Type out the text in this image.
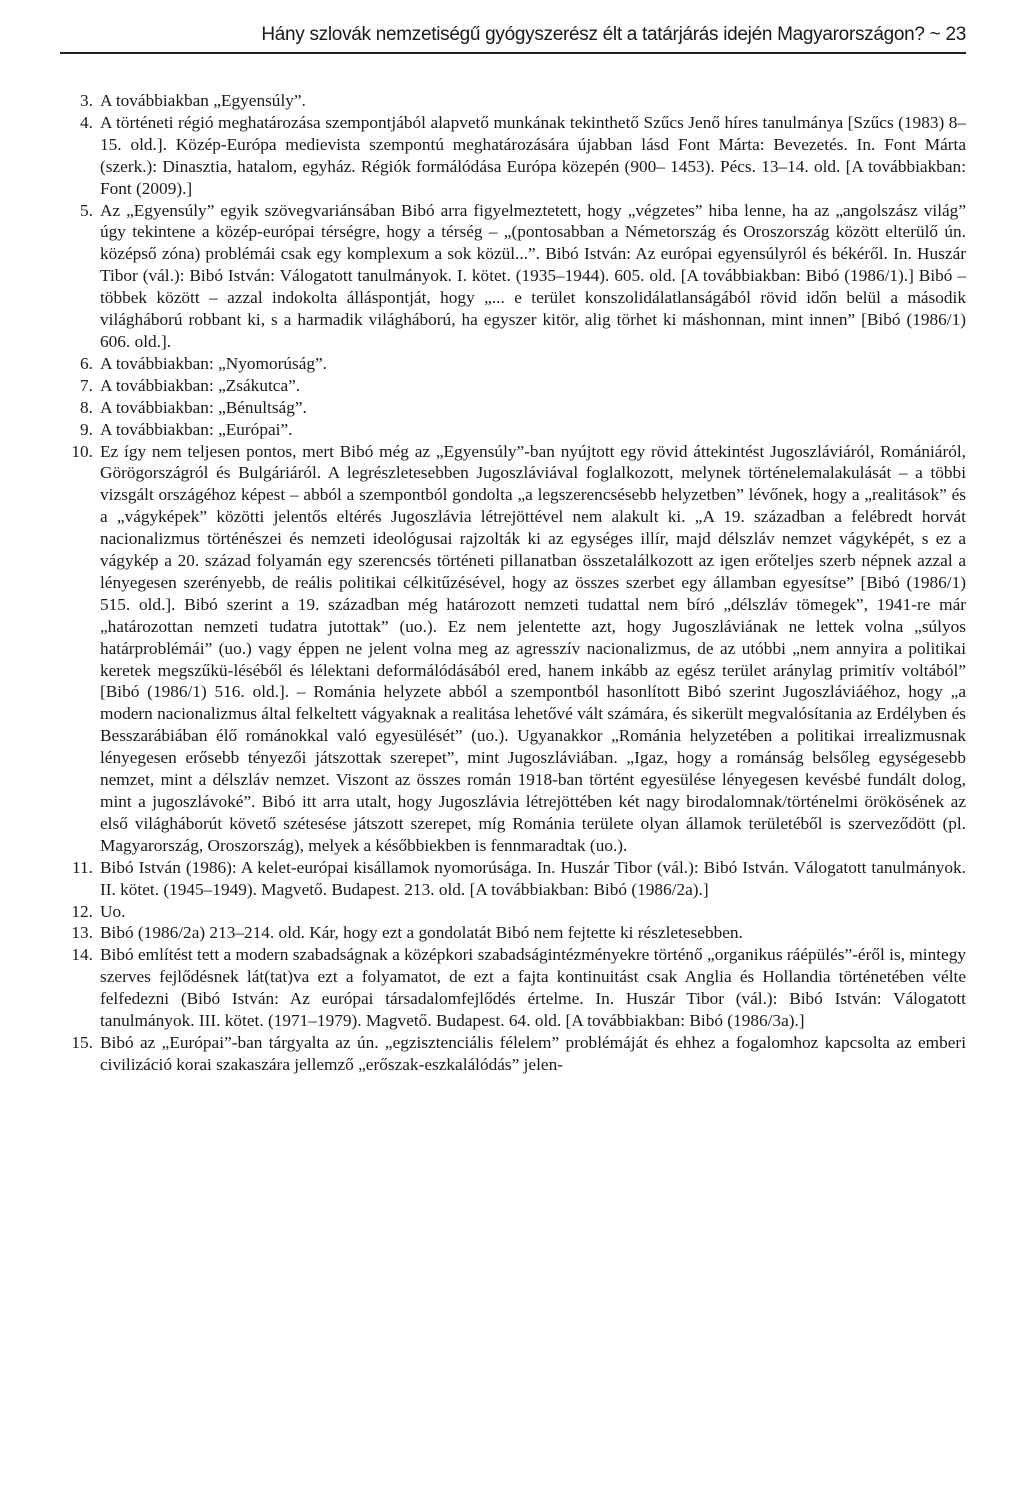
Hány szlovák nemzetiségű gyógyszerész élt a tatárjárás idején Magyarországon? ~ 23
3. A továbbiakban „Egyensúly”.
4. A történeti régió meghatározása szempontjából alapvető munkának tekinthető Szűcs Jenő híres tanulmánya [Szűcs (1983) 8–15. old.]. Közép-Európa medievista szempontú meghatározására újabban lásd Font Márta: Bevezetés. In. Font Márta (szerk.): Dinasztia, hatalom, egyház. Régiók formálódása Európa közepén (900– 1453). Pécs. 13–14. old. [A továbbiakban: Font (2009).]
5. Az „Egyensúly” egyik szövegvariánsában Bibó arra figyelmeztetett, hogy „végzetes” hiba lenne, ha az „angolszász világ” úgy tekintene a közép-európai térségre, hogy a térség – „(pontosabban a Németország és Oroszország között elterülő ún. középső zóna) problémái csak egy komplexum a sok közül...”. Bibó István: Az európai egyensúlyról és békéről. In. Huszár Tibor (vál.): Bibó István: Válogatott tanulmányok. I. kötet. (1935–1944). 605. old. [A továbbiakban: Bibó (1986/1).] Bibó – többek között – azzal indokolta álláspontját, hogy „... e terület konszolidálatlanságából rövid időn belül a második világháború robbant ki, s a harmadik világháború, ha egyszer kitör, alig törhet ki máshonnan, mint innen” [Bibó (1986/1) 606. old.].
6. A továbbiakban: „Nyomorúság”.
7. A továbbiakban: „Zsákutca”.
8. A továbbiakban: „Bénultság”.
9. A továbbiakban: „Európai”.
10. Ez így nem teljesen pontos, mert Bibó még az „Egyensúly”-ban nyújtott egy rövid áttekintést Jugoszláviáról, Romániáról, Görögországról és Bulgáriáról. A legrészletesebben Jugoszláviával foglalkozott, melynek történelemalakulását – a többi vizsgált országéhoz képest – abból a szempontból gondolta „a legszerencsésebb helyzetben” lévőnek, hogy a „realitások” és a „vágyképek” közötti jelentős eltérés Jugoszlávia létrejöttével nem alakult ki. „A 19. században a felébredt horvát nacionalizmus történészei és nemzeti ideológusai rajzolták ki az egységes illír, majd délszláv nemzet vágyképét, s ez a vágykép a 20. század folyamán egy szerencsés történeti pillanatban összetalálkozott az igen erőteljes szerb népnek azzal a lényegesen szerényebb, de reális politikai célkitűzésével, hogy az összes szerbet egy államban egyesítse” [Bibó (1986/1) 515. old.]. Bibó szerint a 19. században még határozott nemzeti tudattal nem bíró „délszláv tömegek”, 1941-re már „határozottan nemzeti tudatra jutottak” (uo.). Ez nem jelentette azt, hogy Jugoszláviának ne lettek volna „súlyos határproblémái” (uo.) vagy éppen ne jelent volna meg az agresszív nacionalizmus, de az utóbbi „nem annyira a politikai keretek megszűkü-léséből és lélektani deformálódásából ered, hanem inkább az egész terület aránylag primitív voltából” [Bibó (1986/1) 516. old.]. – Románia helyzete abból a szempontból hasonlított Bibó szerint Jugoszláviáéhoz, hogy „a modern nacionalizmus által felkeltett vágyaknak a realitása lehetővé vált számára, és sikerült megvalósítania az Erdélyben és Besszarábiában élő románokkal való egyesülését” (uo.). Ugyanakkor „Románia helyzetében a politikai irrealizmusnak lényegesen erősebb tényezői játszottak szerepet”, mint Jugoszláviában. „Igaz, hogy a románság belsőleg egységesebb nemzet, mint a délszláv nemzet. Viszont az összes román 1918-ban történt egyesülése lényegesen kevésbé fundált dolog, mint a jugoszlávoké”. Bibó itt arra utalt, hogy Jugoszlávia létrejöttében két nagy birodalomnak/történelmi örökösének az első világháborút követő szétesése játszott szerepet, míg Románia területe olyan államok területéből is szerveződött (pl. Magyarország, Oroszország), melyek a későbbiekben is fennmaradtak (uo.).
11. Bibó István (1986): A kelet-európai kisállamok nyomorúsága. In. Huszár Tibor (vál.): Bibó István. Válogatott tanulmányok. II. kötet. (1945–1949). Magvető. Budapest. 213. old. [A továbbiakban: Bibó (1986/2a).]
12. Uo.
13. Bibó (1986/2a) 213–214. old. Kár, hogy ezt a gondolatát Bibó nem fejtette ki részletesebben.
14. Bibó említést tett a modern szabadságnak a középkori szabadságintézményekre történő „organikus ráépülés”-éről is, mintegy szerves fejlődésnek lát(tat)va ezt a folyamatot, de ezt a fajta kontinuitást csak Anglia és Hollandia történetében vélte felfedezni (Bibó István: Az európai társadalomfejlődés értelme. In. Huszár Tibor (vál.): Bibó István: Válogatott tanulmányok. III. kötet. (1971–1979). Magvető. Budapest. 64. old. [A továbbiakban: Bibó (1986/3a).]
15. Bibó az „Európai”-ban tárgyalta az ún. „egzisztenciális félelem” problémáját és ehhez a fogalomhoz kapcsolta az emberi civilizáció korai szakaszára jellemző „erőszak-eszkalálódás” jelen-
